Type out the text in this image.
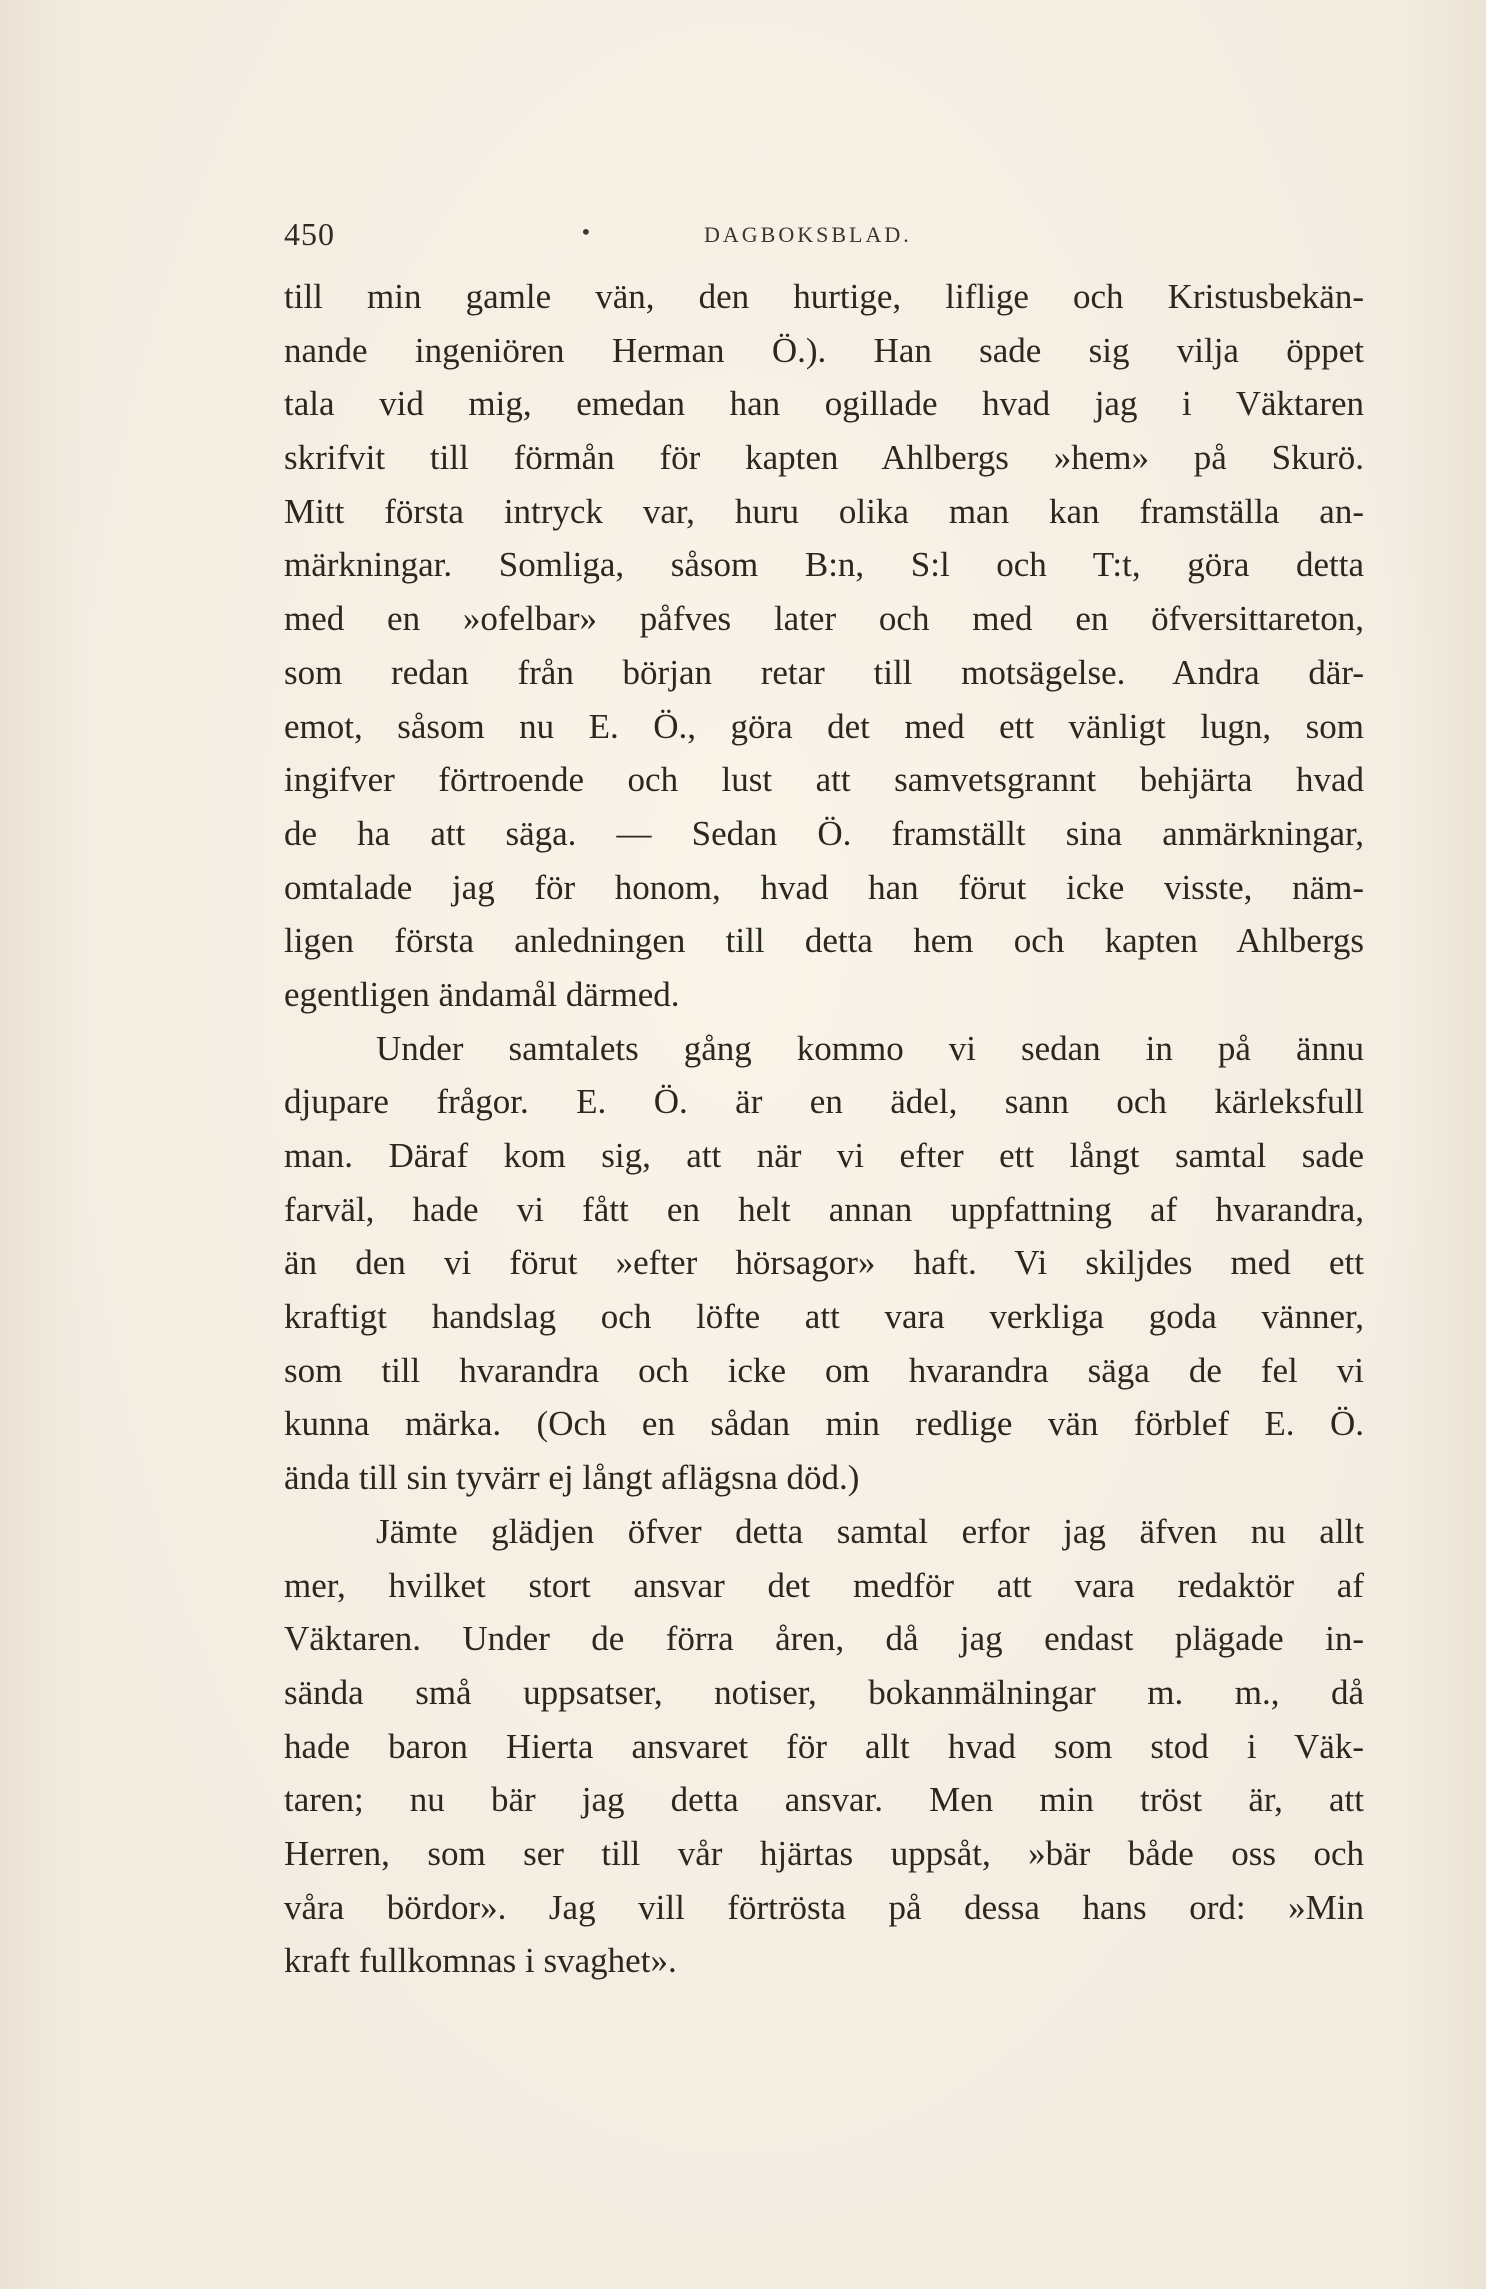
450	•	DAGBOKSBLAD.
till min gamle vän, den hurtige, liflige och Kristusbekän-
nande ingeniören Herman Ö.). Han sade sig vilja öppet
tala vid mig, emedan han ogillade hvad jag i Väktaren
skrifvit till förmån för kapten Ahlbergs »hem» på Skurö.
Mitt första intryck var, huru olika man kan framställa an-
märkningar. Somliga, såsom B:n, S:l och T:t, göra detta
med en »ofelbar» påfves later och med en öfversittareton,
som redan från början retar till motsägelse. Andra där-
emot, såsom nu E. Ö., göra det med ett vänligt lugn, som
ingifver förtroende och lust att samvetsgrannt behjärta hvad
de ha att säga. — Sedan Ö. framställt sina anmärkningar,
omtalade jag för honom, hvad han förut icke visste, näm-
ligen första anledningen till detta hem och kapten Ahlbergs
egentligen ändamål därmed.
Under samtalets gång kommo vi sedan in på ännu
djupare frågor. E. Ö. är en ädel, sann och kärleksfull
man. Däraf kom sig, att när vi efter ett långt samtal sade
farväl, hade vi fått en helt annan uppfattning af hvarandra,
än den vi förut »efter hörsagor» haft. Vi skiljdes med ett
kraftigt handslag och löfte att vara verkliga goda vänner,
som till hvarandra och icke om hvarandra säga de fel vi
kunna märka. (Och en sådan min redlige vän förblef E. Ö.
ända till sin tyvärr ej långt aflägsna död.)
Jämte glädjen öfver detta samtal erfor jag äfven nu allt
mer, hvilket stort ansvar det medför att vara redaktör af
Väktaren. Under de förra åren, då jag endast plägade in-
sända små uppsatser, notiser, bokanmälningar m. m., då
hade baron Hierta ansvaret för allt hvad som stod i Väk-
taren; nu bär jag detta ansvar. Men min tröst är, att
Herren, som ser till vår hjärtas uppsåt, »bär både oss och
våra bördor». Jag vill förtrösta på dessa hans ord: »Min
kraft fullkomnas i svaghet».
